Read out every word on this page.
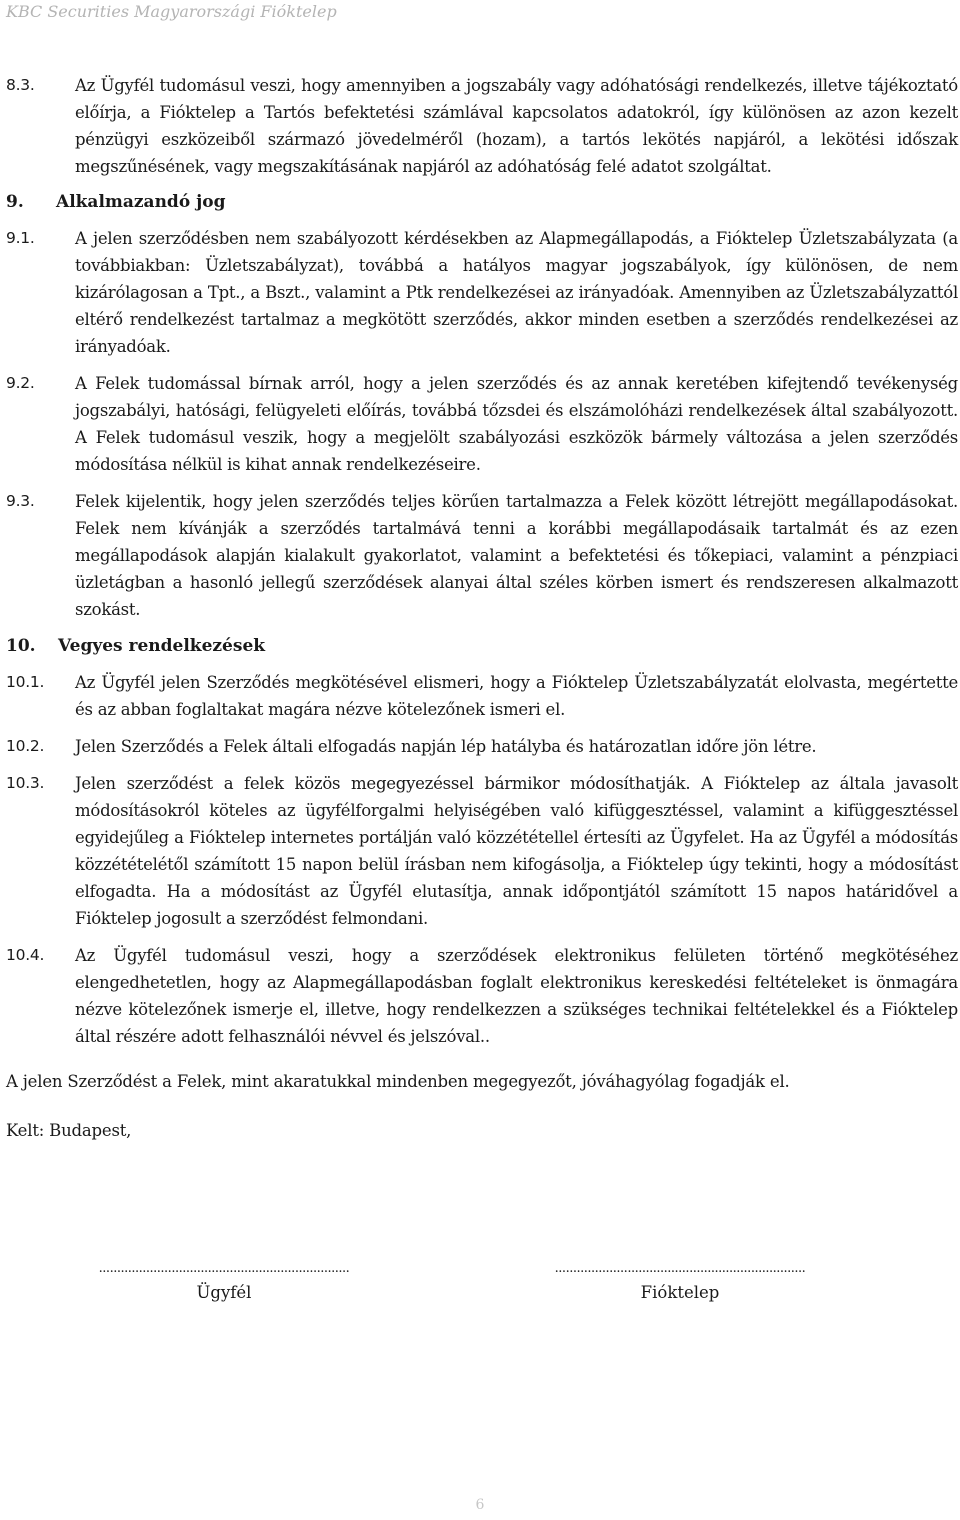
KBC Securities Magyarországi Fióktelep
8.3.	Az Ügyfél tudomásul veszi, hogy amennyiben a jogszabály vagy adóhatósági rendelkezés, illetve tájékoztató előírja, a Fióktelep a Tartós befektetési számlával kapcsolatos adatokról, így különösen az azon kezelt pénzügyi eszközeiből származó jövedelméről (hozam), a tartós lekötés napjáról, a lekötési időszak megszűnésének, vagy megszakításának napjáról az adóhatóság felé adatot szolgáltat.
9.	Alkalmazandó jog
9.1.	A jelen szerződésben nem szabályozott kérdésekben az Alapmegállapodás, a Fióktelep Üzletszabályzata (a továbbiakban: Üzletszabályzat), továbbá a hatályos magyar jogszabályok, így különösen, de nem kizárólagosan a Tpt., a Bszt., valamint a Ptk rendelkezései az irányadóak. Amennyiben az Üzletszabályzattól eltérő rendelkezést tartalmaz a megkötött szerződés, akkor minden esetben a szerződés rendelkezései az irányadóak.
9.2.	A Felek tudomással bírnak arról, hogy a jelen szerződés és az annak keretében kifejtendő tevékenység jogszabályi, hatósági, felügyeleti előírás, továbbá tőzsdei és elszámolóházi rendelkezések által szabályozott. A Felek tudomásul veszik, hogy a megjelölt szabályozási eszközök bármely változása a jelen szerződés módosítása nélkül is kihat annak rendelkezéseire.
9.3.	Felek kijelentik, hogy jelen szerződés teljes körűen tartalmazza a Felek között létrejött megállapodásokat. Felek nem kívánják a szerződés tartalmává tenni a korábbi megállapodásaik tartalmát és az ezen megállapodások alapján kialakult gyakorlatot, valamint a befektetési és tőkepiaci, valamint a pénzpiaci üzletágban a hasonló jellegű szerződések alanyai által széles körben ismert és rendszeresen alkalmazott szokást.
10.	Vegyes rendelkezések
10.1.	Az Ügyfél jelen Szerződés megkötésével elismeri, hogy a Fióktelep Üzletszabályzatát elolvasta, megértette és az abban foglaltakat magára nézve kötelezőnek ismeri el.
10.2.	Jelen Szerződés a Felek általi elfogadás napján lép hatályba és határozatlan időre jön létre.
10.3.	Jelen szerződést a felek közös megegyezéssel bármikor módosíthatják. A Fióktelep az általa javasolt módosításokról köteles az ügyfélforgalmi helyiségében való kifüggesztéssel, valamint a kifüggesztéssel egyidejűleg a Fióktelep internetes portálján való közzététellel értesíti az Ügyfelet. Ha az Ügyfél a módosítás közzétételétől számított 15 napon belül írásban nem kifogásolja, a Fióktelep úgy tekinti, hogy a módosítást elfogadta. Ha a módosítást az Ügyfél elutasítja, annak időpontjától számított 15 napos határidővel a Fióktelep jogosult a szerződést felmondani.
10.4.	Az Ügyfél tudomásul veszi, hogy a szerződések elektronikus felületen történő megkötéséhez elengedhetetlen, hogy az Alapmegállapodásban foglalt elektronikus kereskedési feltételeket is önmagára nézve kötelezőnek ismerje el, illetve, hogy rendelkezzen a szükséges technikai feltételekkel és a Fióktelep által részére adott felhasználói névvel és jelszóval..
A jelen Szerződést a Felek, mint akaratukkal mindenben megegyezőt, jóváhagyólag fogadják el.
Kelt: Budapest,
.....................................................................
Ügyfél
.....................................................................
Fióktelep
6
